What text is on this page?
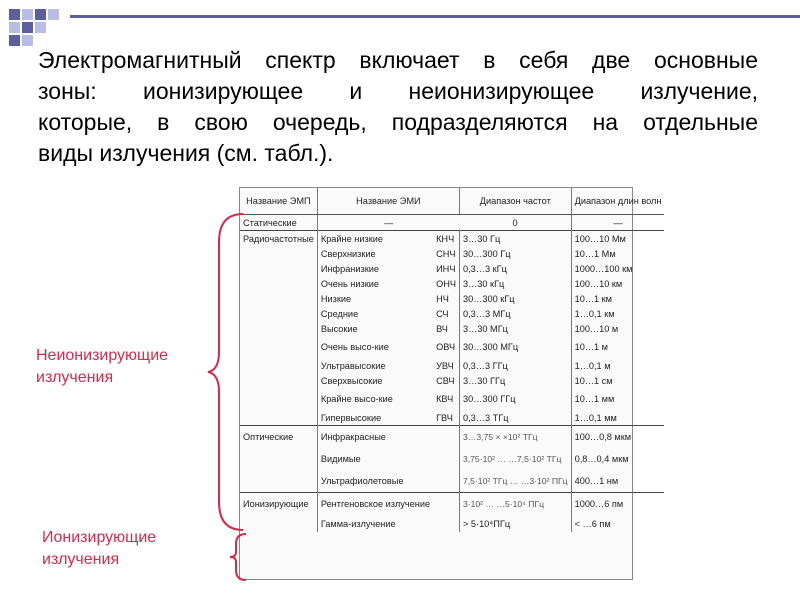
Электромагнитный спектр включает в себя две основные
зоны: ионизирующее и неионизирующее излучение,
которые, в свою очередь, подразделяются на отдельные
виды излучения (см. табл.).
Название ЭМП	Название ЭМИ		Диапазон частот	Диапазон длин волн
Статические	—		0	—
Радиочастотные	Крайне низкие	КНЧ	3…30 Гц	100…10 Мм
	Сверхнизкие	СНЧ	30…300 Гц	10…1 Мм
	Инфранизкие	ИНЧ	0,3…3 кГц	1000…100 км
	Очень низкие	ОНЧ	3…30 кГц	100…10 км
	Низкие	НЧ	30…300 кГц	10…1 км
	Средние	СЧ	0,3…3 МГц	1…0,1 км
	Высокие	ВЧ	3…30 МГц	100…10 м
	Очень высо-кие	ОВЧ	30…300 МГц	10…1 м
	Ультравысокие	УВЧ	0,3…3 ГГц	1…0,1 м
	Сверхвысокие	СВЧ	3…30 ГГц	10…1 см
	Крайне высо-кие	КВЧ	30…300 ГГц	10…1 мм
	Гипервысокие	ГВЧ	0,3…3 ТГц	1…0,1 мм
Оптические	Инфракрасные		3…3,75 × ×10² ТГц	100…0,8 мкм
	Видимые		3,75·10² … …7,5·10² ТГц	0,8…0,4 мкм
	Ультрафиолетовые		7,5·10² ТГц … …3·10² ПГц	400…1 нм
Ионизирующие	Рентгеновское излучение		3·10² … …5·10⁴ ПГц	1000…6 пм
	Гамма-излучение		> 5·10⁴ПГц	< …6 пм
Неионизирующие
излучения
Ионизирующие
излучения
